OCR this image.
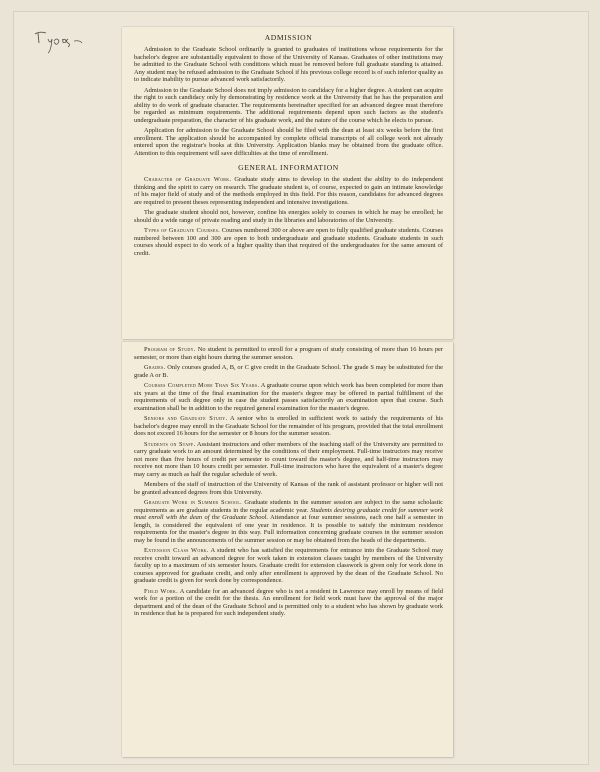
ADMISSION

Admission to the Graduate School ordinarily is granted to graduates of institutions whose requirements for the bachelor's degree are substantially equivalent to those of the University of Kansas. Graduates of other institutions may be admitted to the Graduate School with conditions which must be removed before full graduate standing is attained. Any student may be refused admission to the Graduate School if his previous college record is of such inferior quality as to indicate inability to pursue advanced work satisfactorily.

Admission to the Graduate School does not imply admission to candidacy for a higher degree. A student can acquire the right to such candidacy only by demonstrating by residence work at the University that he has the preparation and ability to do work of graduate character. The requirements hereinafter specified for an advanced degree must therefore be regarded as minimum requirements. The additional requirements depend upon such factors as the student's undergraduate preparation, the character of his graduate work, and the nature of the course which he elects to pursue.

Application for admission to the Graduate School should be filed with the dean at least six weeks before the first enrollment. The application should be accompanied by complete official transcripts of all college work not already entered upon the registrar's books at this University. Application blanks may be obtained from the graduate office. Attention to this requirement will save difficulties at the time of enrollment.

GENERAL INFORMATION

Character of Graduate Work. Graduate study aims to develop in the student the ability to do independent thinking and the spirit to carry on research. The graduate student is, of course, expected to gain an intimate knowledge of his major field of study and of the methods employed in this field. For this reason, candidates for advanced degrees are required to present theses representing independent and intensive investigations.

The graduate student should not, however, confine his energies solely to courses in which he may be enrolled; he should do a wide range of private reading and study in the libraries and laboratories of the University.

Types of Graduate Courses. Courses numbered 300 or above are open to fully qualified graduate students. Courses numbered between 100 and 300 are open to both undergraduate and graduate students. Graduate students in such courses should expect to do work of a higher quality than that required of the undergraduates for the same amount of credit.

Program of Study. No student is permitted to enroll for a program of study consisting of more than 16 hours per semester, or more than eight hours during the summer session.

Grades. Only courses graded A, B, or C give credit in the Graduate School. The grade S may be substituted for the grade A or B.

Courses Completed More Than Six Years. A graduate course upon which work has been completed for more than six years at the time of the final examination for the master's degree may be offered in partial fulfillment of the requirements of such degree only in case the student passes satisfactorily an examination upon that course. Such examination shall be in addition to the required general examination for the master's degree.

Seniors and Graduate Study. A senior who is enrolled in sufficient work to satisfy the requirements of his bachelor's degree may enroll in the Graduate School for the remainder of his program, provided that the total enrollment does not exceed 16 hours for the semester or 8 hours for the summer session.

Students on Staff. Assistant instructors and other members of the teaching staff of the University are permitted to carry graduate work to an amount determined by the conditions of their employment. Full-time instructors may receive not more than five hours of credit per semester to count toward the master's degree, and half-time instructors may receive not more than 10 hours credit per semester. Full-time instructors who have the equivalent of a master's degree may carry as much as half the regular schedule of work.

Members of the staff of instruction of the University of Kansas of the rank of assistant professor or higher will not be granted advanced degrees from this University.

Graduate Work in Summer School. Graduate students in the summer session are subject to the same scholastic requirements as are graduate students in the regular academic year. Students desiring graduate credit for summer work must enroll with the dean of the Graduate School. Attendance at four summer sessions, each one half a semester in length, is considered the equivalent of one year in residence. It is possible to satisfy the minimum residence requirements for the master's degree in this way. Full information concerning graduate courses in the summer session may be found in the announcements of the summer session or may be obtained from the heads of the departments.

Extension Class Work. A student who has satisfied the requirements for entrance into the Graduate School may receive credit toward an advanced degree for work taken in extension classes taught by members of the University faculty up to a maximum of six semester hours. Graduate credit for extension classwork is given only for work done in courses approved for graduate credit, and only after enrollment is approved by the dean of the Graduate School. No graduate credit is given for work done by correspondence.

Field Work. A candidate for an advanced degree who is not a resident in Lawrence may enroll by means of field work for a portion of the credit for the thesis. An enrollment for field work must have the approval of the major department and of the dean of the Graduate School and is permitted only to a student who has shown by graduate work in residence that he is prepared for such independent study.
